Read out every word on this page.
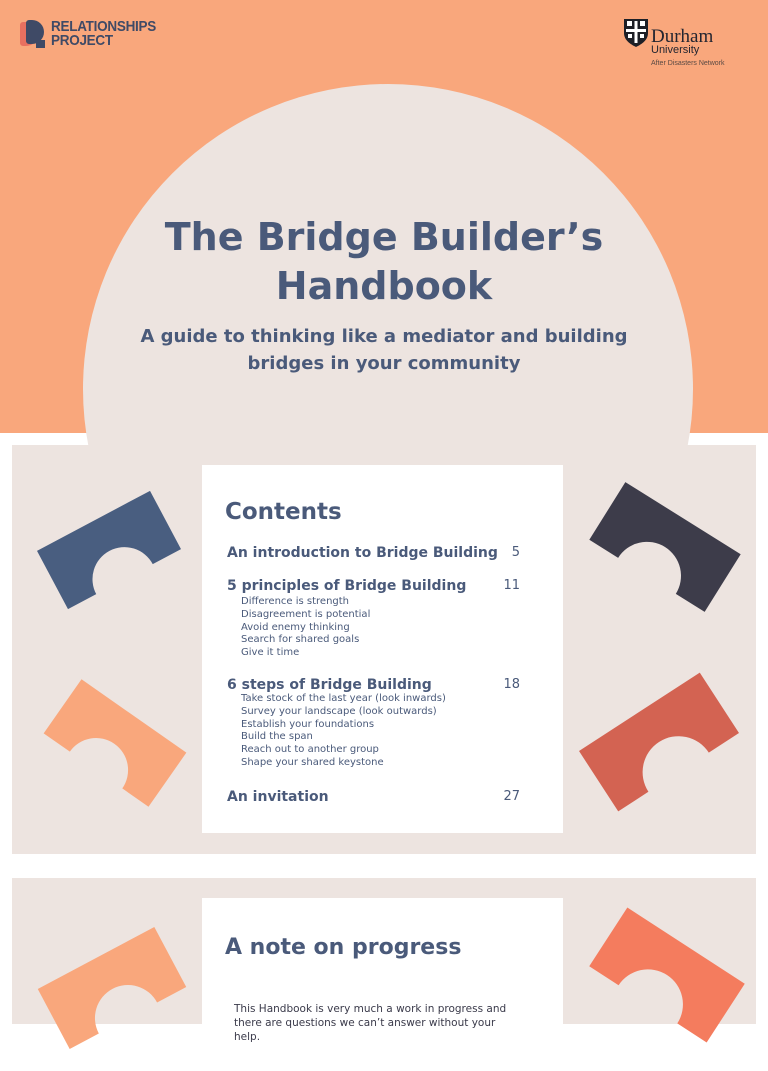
RELATIONSHIPS
PROJECT	Durham
University
After Disasters Network
The Bridge Builder’s
Handbook

A guide to thinking like a mediator and building
bridges in your community

Contents
An introduction to Bridge Building 5
5 principles of Bridge Building	11
Difference is strength
Disagreement is potential
Avoid enemy thinking
Search for shared goals
Give it time
6 steps of Bridge Building	18
Take stock of the last year (look inwards)
Survey your landscape (look outwards)
Establish your foundations
Build the span
Reach out to another group
Shape your shared keystone
An invitation	27
A note on progress

This Handbook is very much a work in progress and there are questions we can’t answer without your help.
